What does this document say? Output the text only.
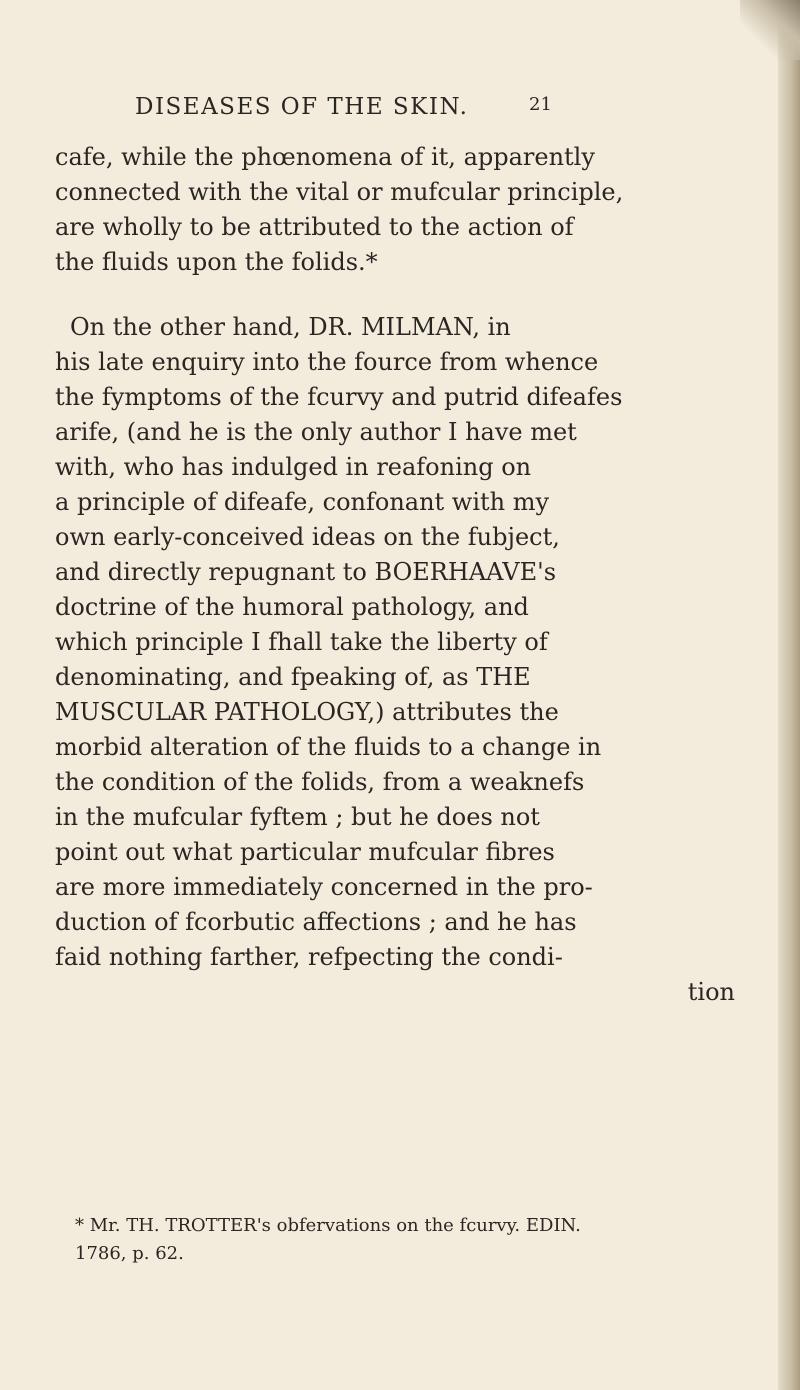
DISEASES OF THE SKIN.	21

cafe, while the phœnomena of it, apparently

connected with the vital or mufcular principle,

are wholly to be attributed to the action of

the fluids upon the folids.*

On the other hand, DR. MILMAN, in

his late enquiry into the fource from whence

the fymptoms of the fcurvy and putrid difeafes

arife, (and he is the only author I have met

with, who has indulged in reafoning on

a principle of difeafe, confonant with my

own early-conceived ideas on the fubject,

and directly repugnant to BOERHAAVE's

doctrine of the humoral pathology, and

which principle I fhall take the liberty of

denominating, and fpeaking of, as THE

MUSCULAR PATHOLOGY,) attributes the

morbid alteration of the fluids to a change in

the condition of the folids, from a weaknefs

in the mufcular fyftem ; but he does not

point out what particular mufcular fibres

are more immediately concerned in the pro-

duction of fcorbutic affections ; and he has

faid nothing farther, refpecting the condi-

tion

* Mr. TH. TROTTER's obfervations on the fcurvy. EDIN.
1786, p. 62.
